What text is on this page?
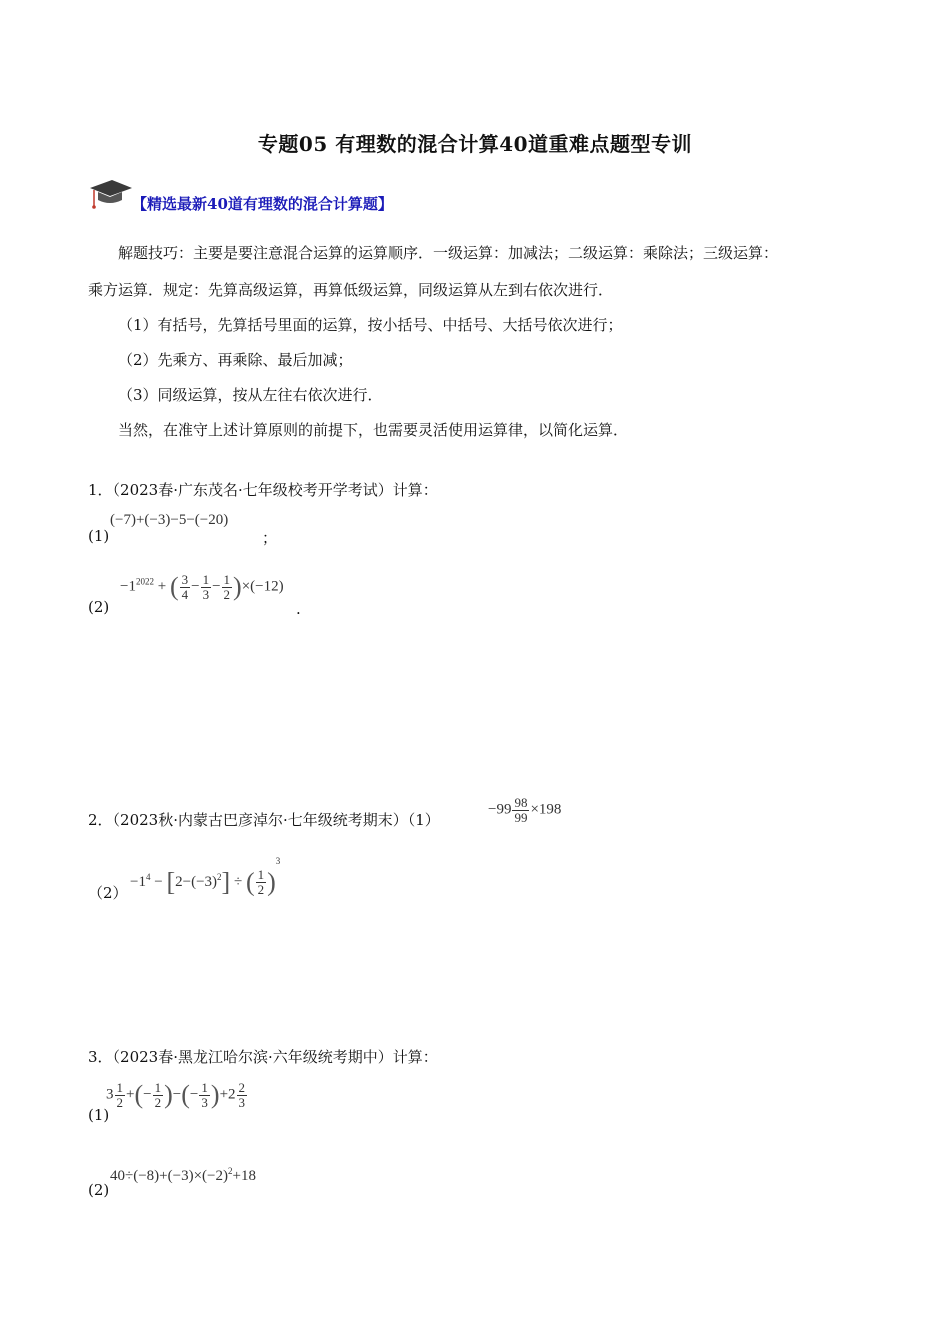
专题05 有理数的混合计算40道重难点题型专训
【精选最新40道有理数的混合计算题】
解题技巧：主要是要注意混合运算的运算顺序．一级运算：加减法；二级运算：乘除法；三级运算：
乘方运算．规定：先算高级运算，再算低级运算，同级运算从左到右依次进行．
（1）有括号，先算括号里面的运算，按小括号、中括号、大括号依次进行；
（2）先乘方、再乘除、最后加减；
（3）同级运算，按从左往右依次进行．
当然，在准守上述计算原则的前提下，也需要灵活使用运算律，以简化运算．
1．（2023春·广东茂名·七年级校考开学考试）计算：
(1)
(−7)+(−3)−5−(−20)
；
(2)
$-1^{2022}$ + ( $\frac{3}{4} - \frac{1}{3} - \frac{1}{2} )\times(-12)$
.
2．（2023秋·内蒙古巴彦淖尔·七年级统考期末）（1）
$-99 \frac{98}{99} \times 198$
（2）
$-1^4 - [2-(-3)^2]$ ÷ ( $\frac{1}{2} )^3$
3．（2023春·黑龙江哈尔滨·六年级统考期中）计算：
(1)
$3 \frac{1}{2}$ +(− $\frac{1}{2}$ )−(− $\frac{1}{3} )+2 \frac{2}{3}$
(2)
$40\div(-8)+(-3)\times(-2)^2+18$
